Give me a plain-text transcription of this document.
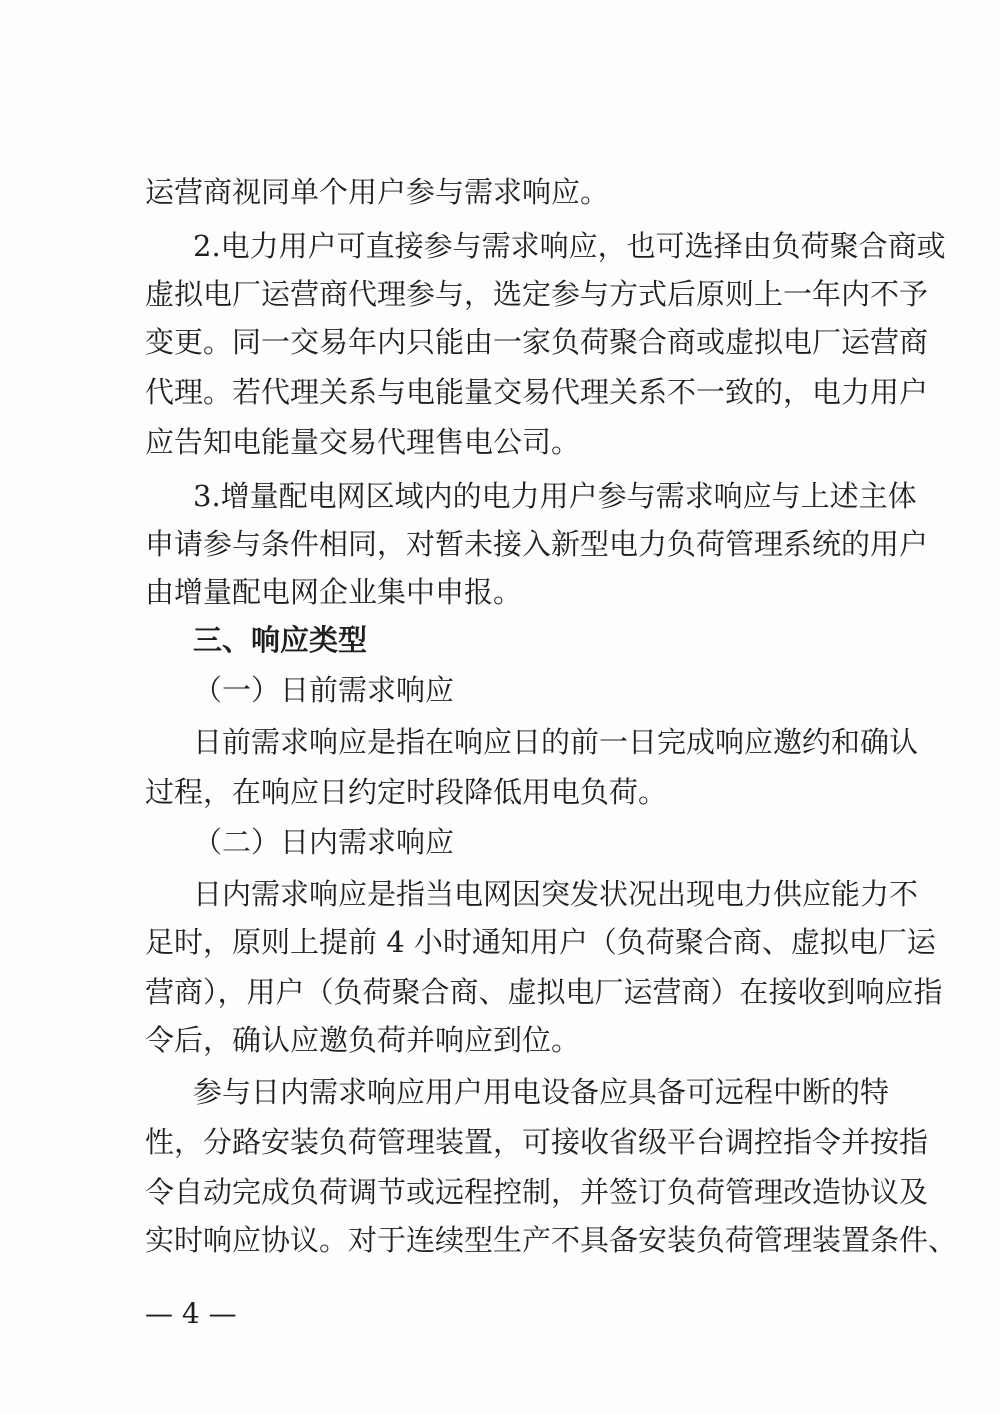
运营商视同单个用户参与需求响应。
2.电力用户可直接参与需求响应，也可选择由负荷聚合商或
虚拟电厂运营商代理参与，选定参与方式后原则上一年内不予
变更。同一交易年内只能由一家负荷聚合商或虚拟电厂运营商
代理。若代理关系与电能量交易代理关系不一致的，电力用户
应告知电能量交易代理售电公司。
3.增量配电网区域内的电力用户参与需求响应与上述主体
申请参与条件相同，对暂未接入新型电力负荷管理系统的用户
由增量配电网企业集中申报。
三、响应类型
（一）日前需求响应
日前需求响应是指在响应日的前一日完成响应邀约和确认
过程，在响应日约定时段降低用电负荷。
（二）日内需求响应
日内需求响应是指当电网因突发状况出现电力供应能力不
足时，原则上提前 4 小时通知用户（负荷聚合商、虚拟电厂运
营商），用户（负荷聚合商、虚拟电厂运营商）在接收到响应指
令后，确认应邀负荷并响应到位。
参与日内需求响应用户用电设备应具备可远程中断的特
性，分路安装负荷管理装置，可接收省级平台调控指令并按指
令自动完成负荷调节或远程控制，并签订负荷管理改造协议及
实时响应协议。对于连续型生产不具备安装负荷管理装置条件、
— 4 —
